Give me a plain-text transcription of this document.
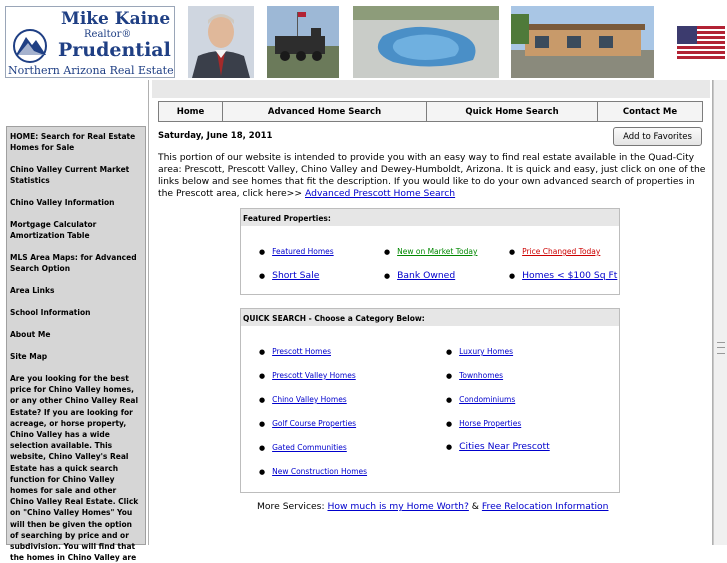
Mike Kaine
Realtor®
Prudential
Northern Arizona Real Estate
HOME: Search for Real Estate Homes for Sale
Chino Valley Current Market Statistics
Chino Valley Information
Mortgage Calculator Amortization Table
MLS Area Maps: for Advanced Search Option
Area Links
School Information
About Me
Site Map
Are you looking for the best price for Chino Valley homes, or any other Chino Valley Real Estate? If you are looking for acreage, or horse property, Chino Valley has a wide selection available. This website, Chino Valley's Real Estate has a quick search function for Chino Valley homes for sale and other Chino Valley Real Estate. Click on "Chino Valley Homes" You will then be given the option of searching by price and or subdivision. You will find that the homes in Chino Valley are
Home	Advanced Home Search	Quick Home Search	Contact Me
Saturday, June 18, 2011	Add to Favorites
This portion of our website is intended to provide you with an easy way to find real estate available in the Quad-City area: Prescott, Prescott Valley, Chino Valley and Dewey-Humboldt, Arizona. It is quick and easy, just click on one of the links below and see homes that fit the description. If you would like to do your own advanced search of properties in the Prescott area, click here>> Advanced Prescott Home Search
Featured Properties:
● Featured Homes	● New on Market Today	● Price Changed Today
● Short Sale	● Bank Owned	● Homes < $100 Sq Ft
QUICK SEARCH - Choose a Category Below:
● Prescott Homes
● Prescott Valley Homes
● Chino Valley Homes
● Golf Course Properties
● Gated Communities
● New Construction Homes
● Luxury Homes
● Townhomes
● Condominiums
● Horse Properties
● Cities Near Prescott
More Services: How much is my Home Worth? & Free Relocation Information
